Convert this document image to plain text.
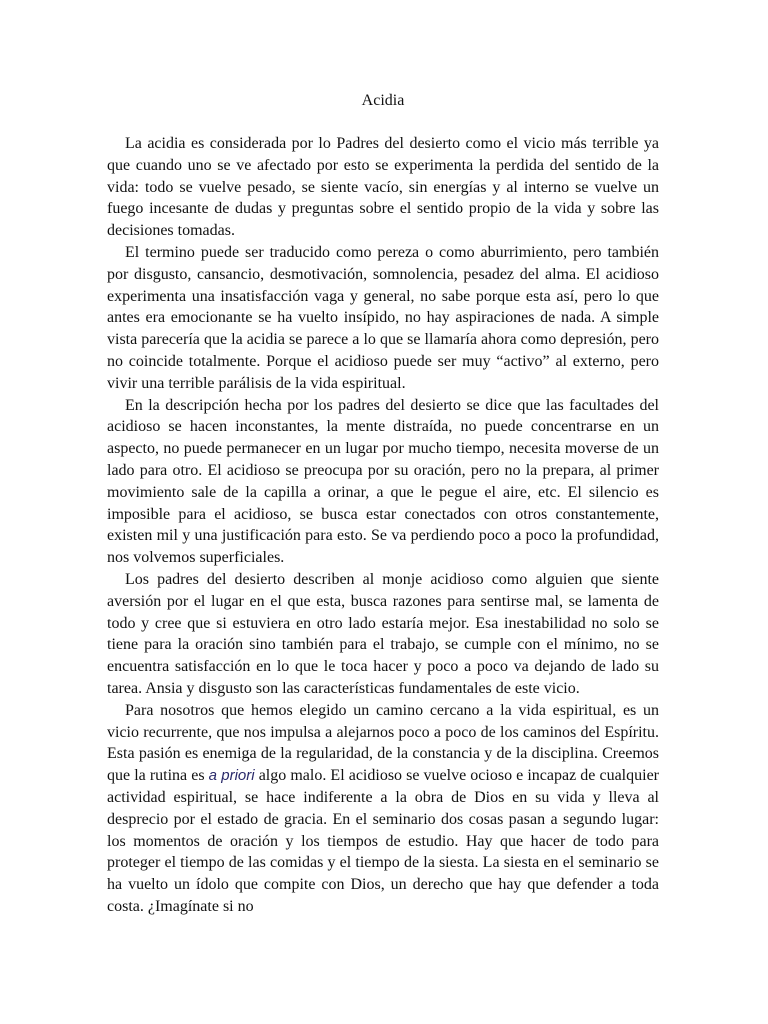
Acidia

La acidia es considerada por lo Padres del desierto como el vicio más terrible ya que cuando uno se ve afectado por esto se experimenta la perdida del sentido de la vida: todo se vuelve pesado, se siente vacío, sin energías y al interno se vuelve un fuego incesante de dudas y preguntas sobre el sentido propio de la vida y sobre las decisiones tomadas.

El termino puede ser traducido como pereza o como aburrimiento, pero también por disgusto, cansancio, desmotivación, somnolencia, pesadez del alma. El acidioso experimenta una insatisfacción vaga y general, no sabe porque esta así, pero lo que antes era emocionante se ha vuelto insípido, no hay aspiraciones de nada. A simple vista parecería que la acidia se parece a lo que se llamaría ahora como depresión, pero no coincide totalmente. Porque el acidioso puede ser muy “activo” al externo, pero vivir una terrible parálisis de la vida espiritual.

En la descripción hecha por los padres del desierto se dice que las facultades del acidioso se hacen inconstantes, la mente distraída, no puede concentrarse en un aspecto, no puede permanecer en un lugar por mucho tiempo, necesita moverse de un lado para otro. El acidioso se preocupa por su oración, pero no la prepara, al primer movimiento sale de la capilla a orinar, a que le pegue el aire, etc. El silencio es imposible para el acidioso, se busca estar conectados con otros constantemente, existen mil y una justificación para esto. Se va perdiendo poco a poco la profundidad, nos volvemos superficiales.

Los padres del desierto describen al monje acidioso como alguien que siente aversión por el lugar en el que esta, busca razones para sentirse mal, se lamenta de todo y cree que si estuviera en otro lado estaría mejor. Esa inestabilidad no solo se tiene para la oración sino también para el trabajo, se cumple con el mínimo, no se encuentra satisfacción en lo que le toca hacer y poco a poco va dejando de lado su tarea. Ansia y disgusto son las características fundamentales de este vicio.

Para nosotros que hemos elegido un camino cercano a la vida espiritual, es un vicio recurrente, que nos impulsa a alejarnos poco a poco de los caminos del Espíritu. Esta pasión es enemiga de la regularidad, de la constancia y de la disciplina. Creemos que la rutina es a priori algo malo. El acidioso se vuelve ocioso e incapaz de cualquier actividad espiritual, se hace indiferente a la obra de Dios en su vida y lleva al desprecio por el estado de gracia. En el seminario dos cosas pasan a segundo lugar: los momentos de oración y los tiempos de estudio. Hay que hacer de todo para proteger el tiempo de las comidas y el tiempo de la siesta. La siesta en el seminario se ha vuelto un ídolo que compite con Dios, un derecho que hay que defender a toda costa. ¿Imagínate si no
